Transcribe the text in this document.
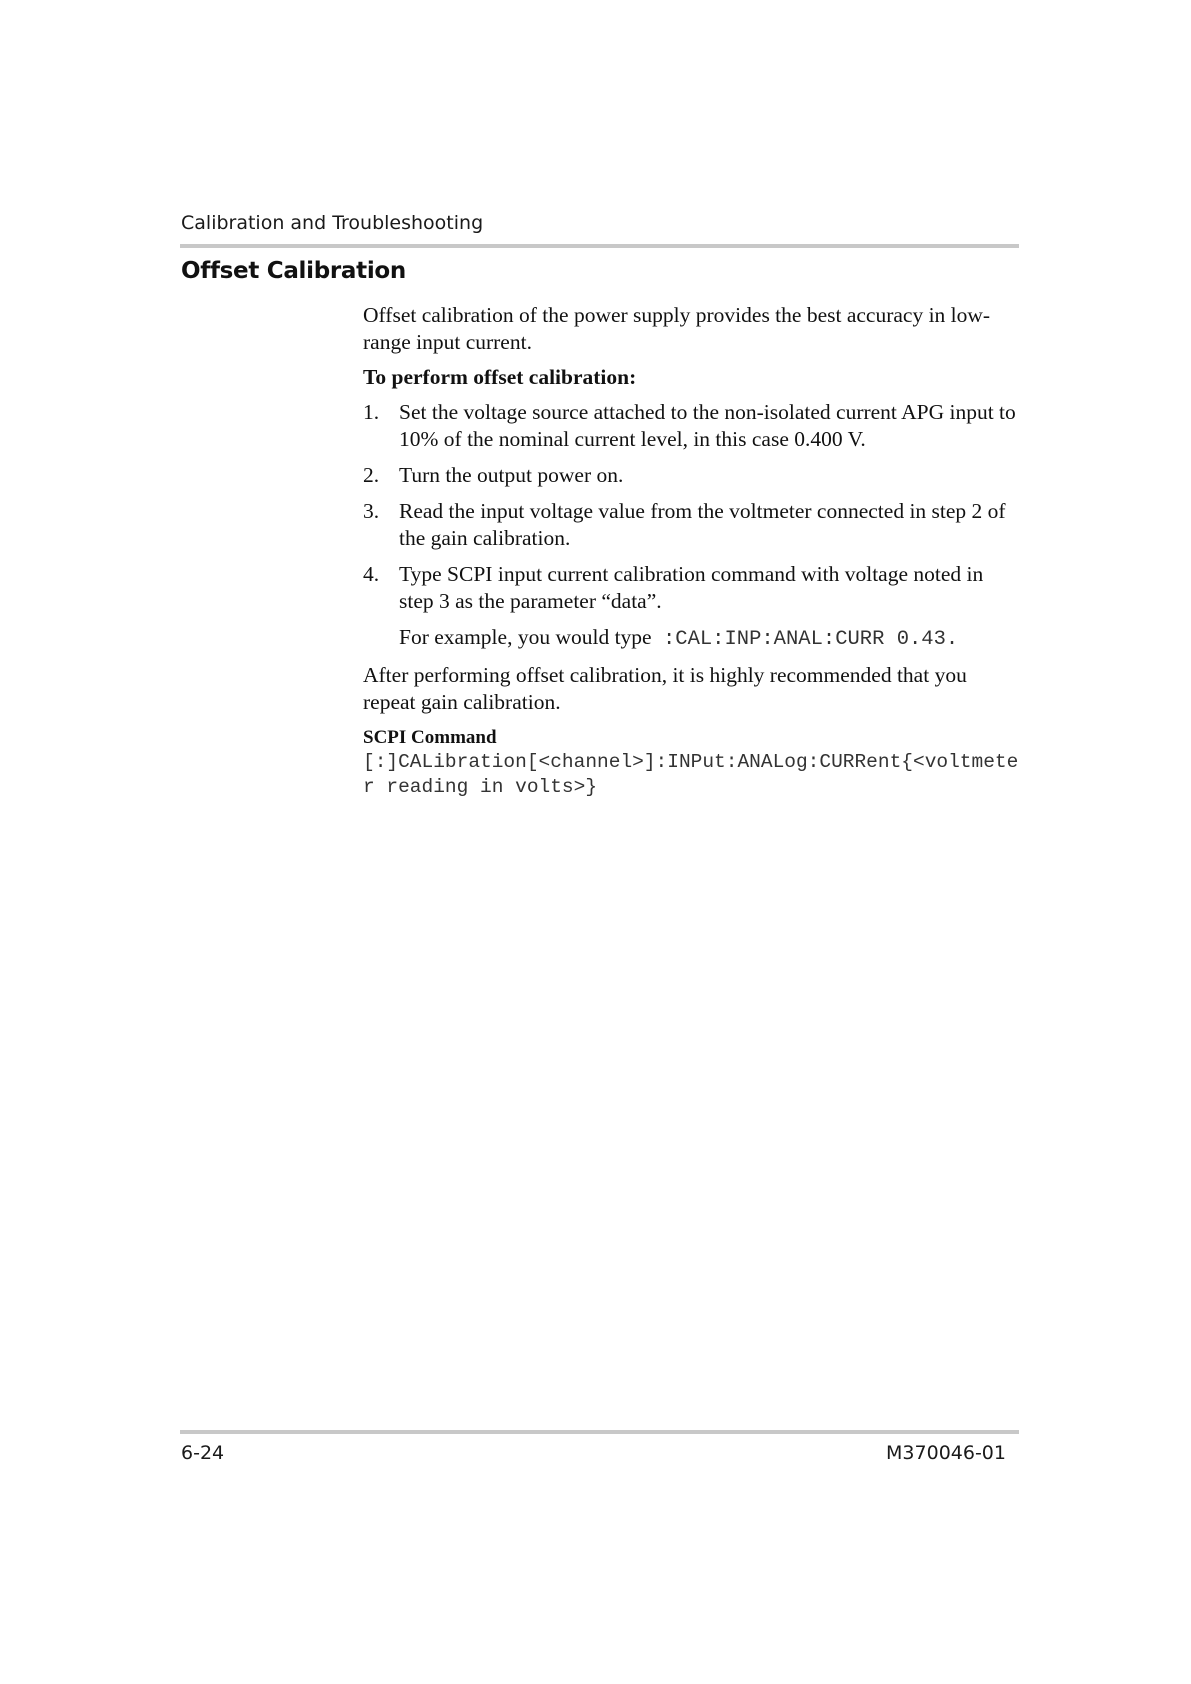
Calibration and Troubleshooting
Offset Calibration

Offset calibration of the power supply provides the best accuracy in low-range input current.

To perform offset calibration:

1. Set the voltage source attached to the non-isolated current APG input to 10% of the nominal current level, in this case 0.400 V.
2. Turn the output power on.
3. Read the input voltage value from the voltmeter connected in step 2 of the gain calibration.
4. Type SCPI input current calibration command with voltage noted in step 3 as the parameter “data”.

For example, you would type :CAL:INP:ANAL:CURR 0.43.

After performing offset calibration, it is highly recommended that you repeat gain calibration.

SCPI Command

[:]CALibration[<channel>]:INPut:ANALog:CURRent{<voltmeter reading in volts>}

6-24	M370046-01
